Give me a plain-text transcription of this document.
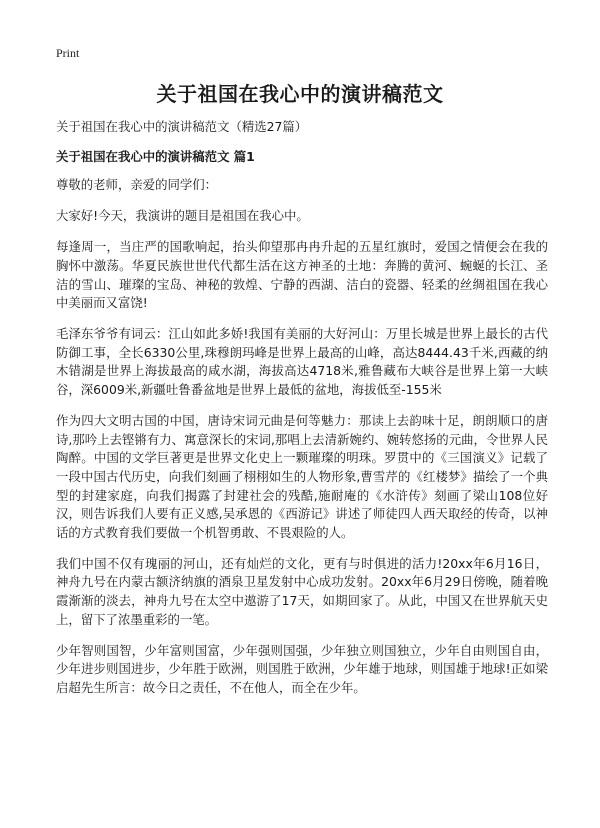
Print
关于祖国在我心中的演讲稿范文

关于祖国在我心中的演讲稿范文（精选27篇）

关于祖国在我心中的演讲稿范文 篇1

尊敬的老师，亲爱的同学们：

大家好!今天，我演讲的题目是祖国在我心中。

每逢周一，当庄严的国歌响起，抬头仰望那冉冉升起的五星红旗时，爱国之情便会在我的胸怀中激荡。华夏民族世世代代都生活在这方神圣的土地：奔腾的黄河、蜿蜒的长江、圣洁的雪山、璀璨的宝岛、神秘的敦煌、宁静的西湖、洁白的瓷器、轻柔的丝绸祖国在我心中美丽而又富饶!

毛泽东爷爷有词云：江山如此多娇!我国有美丽的大好河山：万里长城是世界上最长的古代防御工事，全长6330公里,珠穆朗玛峰是世界上最高的山峰，高达8444.43千米,西藏的纳木错湖是世界上海拔最高的咸水湖，海拔高达4718米,雅鲁藏布大峡谷是世界上第一大峡谷，深6009米,新疆吐鲁番盆地是世界上最低的盆地，海拔低至-155米

作为四大文明古国的中国，唐诗宋词元曲是何等魅力：那读上去韵味十足，朗朗顺口的唐诗,那吟上去铿锵有力、寓意深长的宋词,那唱上去清新婉约、婉转悠扬的元曲，令世界人民陶醉。中国的文学巨著更是世界文化史上一颗璀璨的明珠。罗贯中的《三国演义》记载了一段中国古代历史，向我们刻画了栩栩如生的人物形象,曹雪芹的《红楼梦》描绘了一个典型的封建家庭，向我们揭露了封建社会的残酷,施耐庵的《水浒传》刻画了梁山108位好汉，则告诉我们人要有正义感,吴承恩的《西游记》讲述了师徒四人西天取经的传奇，以神话的方式教育我们要做一个机智勇敢、不畏艰险的人。

我们中国不仅有瑰丽的河山，还有灿烂的文化，更有与时俱进的活力!20xx年6月16日，神舟九号在内蒙古额济纳旗的酒泉卫星发射中心成功发射。20xx年6月29日傍晚，随着晚霞渐渐的淡去，神舟九号在太空中遨游了17天，如期回家了。从此，中国又在世界航天史上，留下了浓墨重彩的一笔。

少年智则国智，少年富则国富，少年强则国强，少年独立则国独立，少年自由则国自由，少年进步则国进步，少年胜于欧洲，则国胜于欧洲，少年雄于地球，则国雄于地球!正如梁启超先生所言：故今日之责任，不在他人，而全在少年。
